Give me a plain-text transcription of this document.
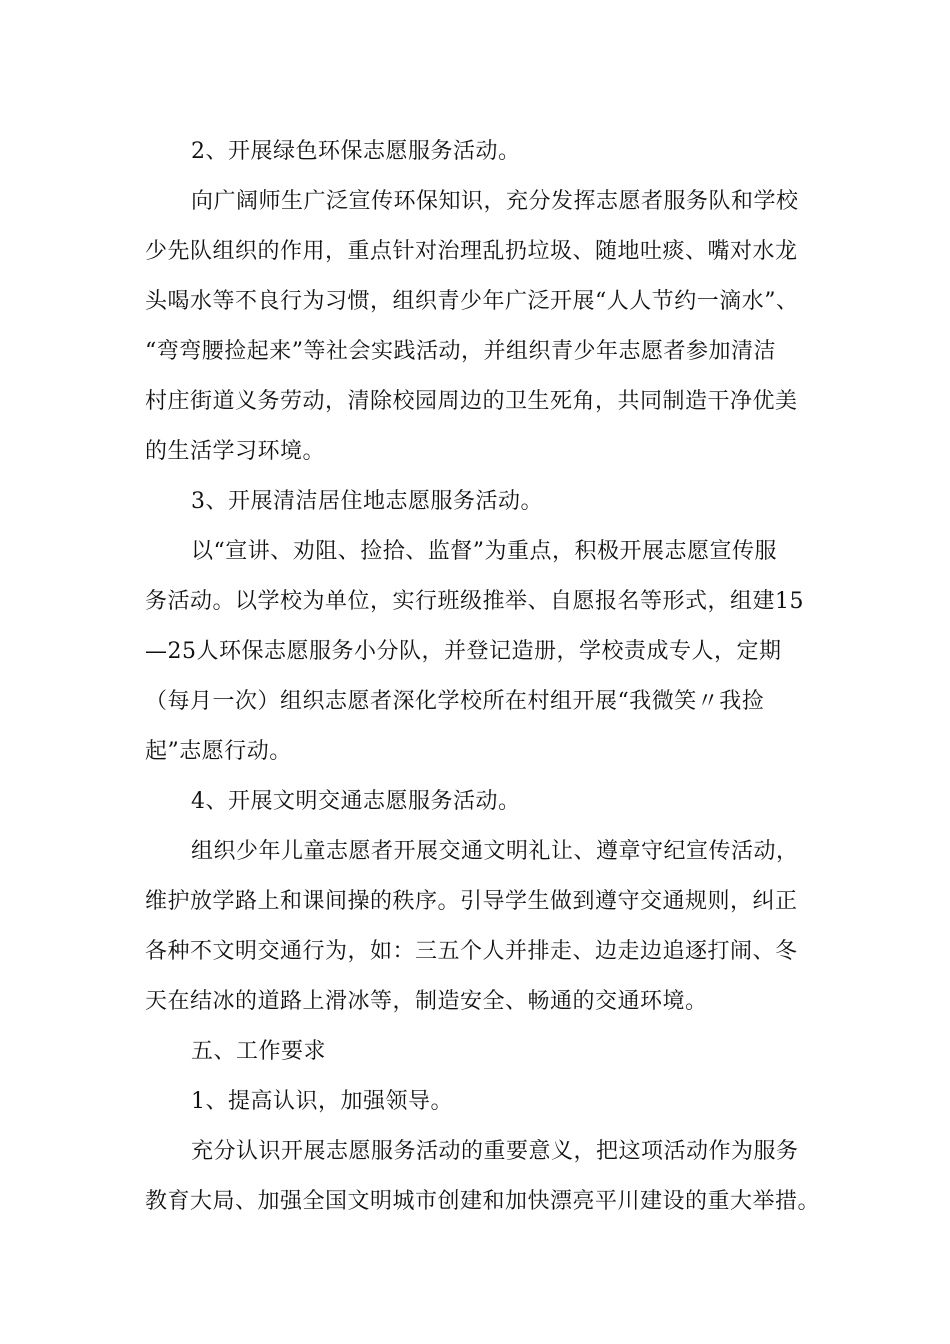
2、开展绿色环保志愿服务活动。
向广阔师生广泛宣传环保知识，充分发挥志愿者服务队和学校
少先队组织的作用，重点针对治理乱扔垃圾、随地吐痰、嘴对水龙
头喝水等不良行为习惯，组织青少年广泛开展“人人节约一滴水”、
“弯弯腰捡起来”等社会实践活动，并组织青少年志愿者参加清洁
村庄街道义务劳动，清除校园周边的卫生死角，共同制造干净优美
的生活学习环境。
3、开展清洁居住地志愿服务活动。
以“宣讲、劝阻、捡拾、监督”为重点，积极开展志愿宣传服
务活动。以学校为单位，实行班级推举、自愿报名等形式，组建15
—25人环保志愿服务小分队，并登记造册，学校责成专人，定期
（每月一次）组织志愿者深化学校所在村组开展“我微笑〃我捡
起”志愿行动。
4、开展文明交通志愿服务活动。
组织少年儿童志愿者开展交通文明礼让、遵章守纪宣传活动，
维护放学路上和课间操的秩序。引导学生做到遵守交通规则，纠正
各种不文明交通行为，如：三五个人并排走、边走边追逐打闹、冬
天在结冰的道路上滑冰等，制造安全、畅通的交通环境。
五、工作要求
1、提高认识，加强领导。
充分认识开展志愿服务活动的重要意义，把这项活动作为服务
教育大局、加强全国文明城市创建和加快漂亮平川建设的重大举措。
